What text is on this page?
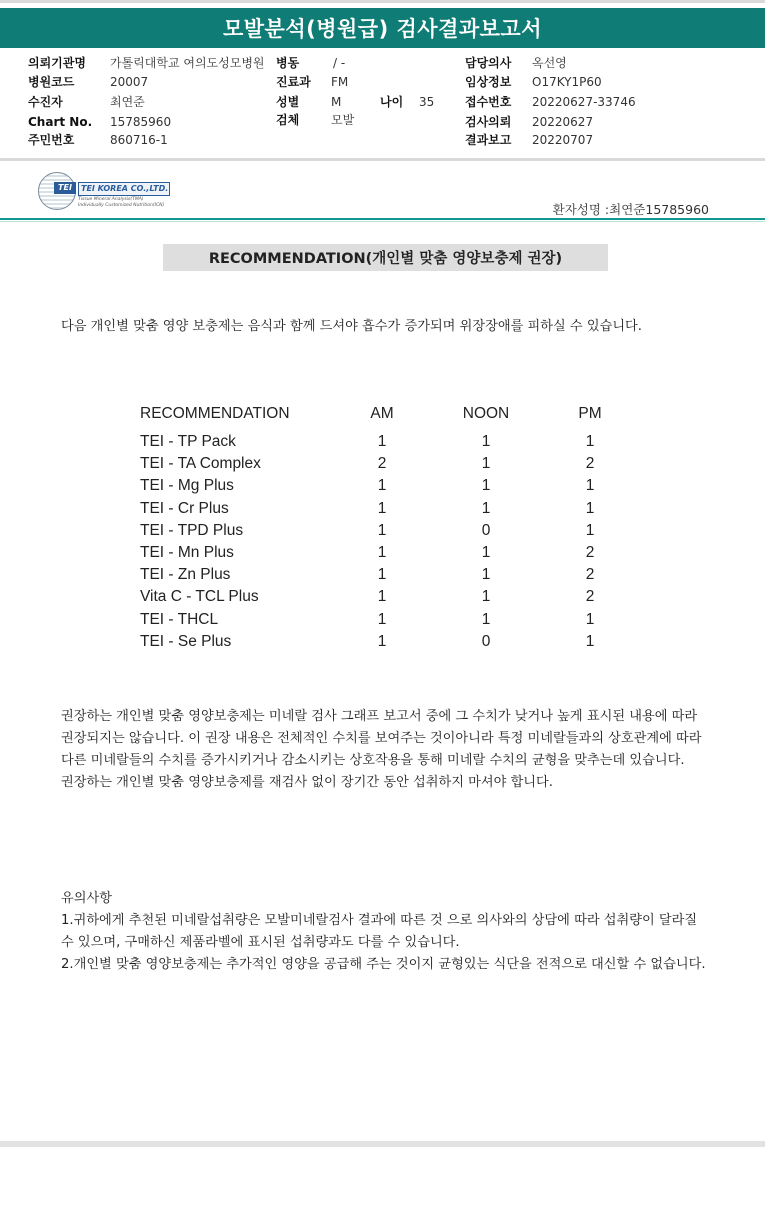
모발분석(병원급) 검사결과보고서
의뢰기관명 가톨릭대학교 여의도성모병원
병원코드	20007
수진자	최연준
Chart No. 15785960
주민번호	860716-1
병동	/ -
진료과 FM
성별	M	나이 35
검체	모발
담당의사 옥선영
임상정보 O17KY1P60
접수번호 20220627-33746
검사의뢰 20220627
결과보고 20220707
TEI	TEI KOREA CO.,LTD.
Tissue Mineral Analysis(TMA)
Individually Customized Nutrition(ICN)	환자성명 :최연준15785960
RECOMMENDATION(개인별 맞춤 영양보충제 권장)
다음 개인별 맞춤 영양 보충제는 음식과 함께 드셔야 흡수가 증가되며 위장장애를 피하실 수 있습니다.
RECOMMENDATION	AM	NOON	PM
TEI - TP Pack	1	1	1
TEI - TA Complex	2	1	2
TEI - Mg Plus	1	1	1
TEI - Cr Plus	1	1	1
TEI - TPD Plus	1	0	1
TEI - Mn Plus	1	1	2
TEI - Zn Plus	1	1	2
Vita C - TCL Plus	1	1	2
TEI - THCL	1	1	1
TEI - Se Plus	1	0	1
권장하는 개인별 맞춤 영양보충제는 미네랄 검사 그래프 보고서 중에 그 수치가 낮거나 높게 표시된 내용에 따라 권장되지는 않습니다. 이 권장 내용은 전체적인 수치를 보여주는 것이아니라 특정 미네랄들과의 상호관계에 따라 다른 미네랄들의 수치를 증가시키거나 감소시키는 상호작용을 통해 미네랄 수치의 균형을 맞추는데 있습니다.
권장하는 개인별 맞춤 영양보충제를 재검사 없이 장기간 동안 섭취하지 마셔야 합니다.
유의사항
1.귀하에게 추천된 미네랄섭취량은 모발미네랄검사 결과에 따른 것 으로 의사와의 상담에 따라 섭취량이 달라질 수 있으며, 구매하신 제품라벨에 표시된 섭취량과도 다를 수 있습니다.
2.개인별 맞춤 영양보충제는 추가적인 영양을 공급해 주는 것이지 균형있는 식단을 전적으로 대신할 수 없습니다.
